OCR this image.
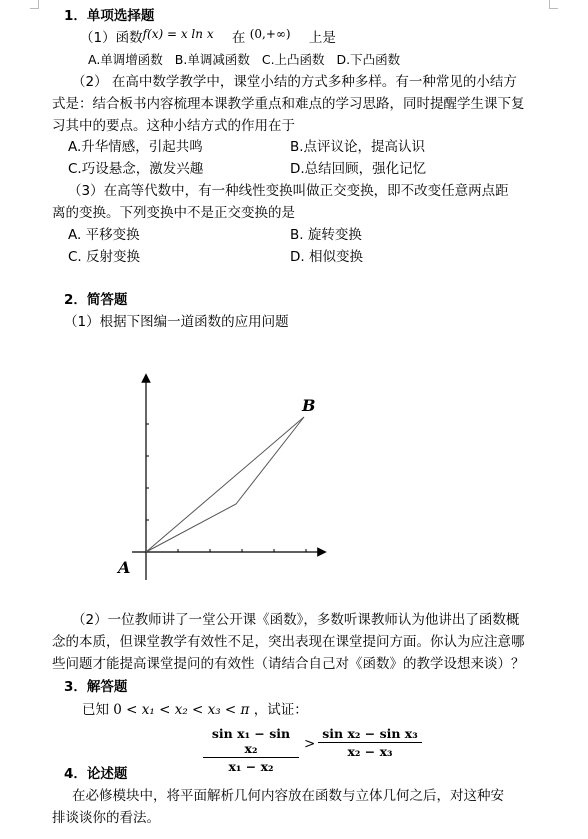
1．单项选择题
（1）函数f(x) = x ln x 在 (0,+∞) 上是
A.单调增函数 B.单调减函数 C.上凸函数 D.下凸函数
（2） 在高中数学教学中，课堂小结的方式多种多样。有一种常见的小结方
式是：结合板书内容梳理本课教学重点和难点的学习思路，同时提醒学生课下复
习其中的要点。这种小结方式的作用在于
A.升华情感，引起共鸣	B.点评议论，提高认识
C.巧设悬念，激发兴趣	D.总结回顾，强化记忆
（3）在高等代数中，有一种线性变换叫做正交变换，即不改变任意两点距
离的变换。下列变换中不是正交变换的是
A. 平移变换	B. 旋转变换
C. 反射变换	D. 相似变换
2．简答题
（1）根据下图编一道函数的应用问题
A
B
（2）一位教师讲了一堂公开课《函数》，多数听课教师认为他讲出了函数概
念的本质，但课堂教学有效性不足，突出表现在课堂提问方面。你认为应注意哪
些问题才能提高课堂提问的有效性（请结合自己对《函数》的教学设想来谈）？
3．解答题
已知 0 < x₁ < x₂ < x₃ < π ，试证：
$\frac{\text{sin x₁ − sin x₂}}{\text{x₁ − x₂}} > \frac{\text{sin x₂ − sin x₃}}{\text{x₂ − x₃}}$
4．论述题
在必修模块中，将平面解析几何内容放在函数与立体几何之后，对这种安
排谈谈你的看法。
